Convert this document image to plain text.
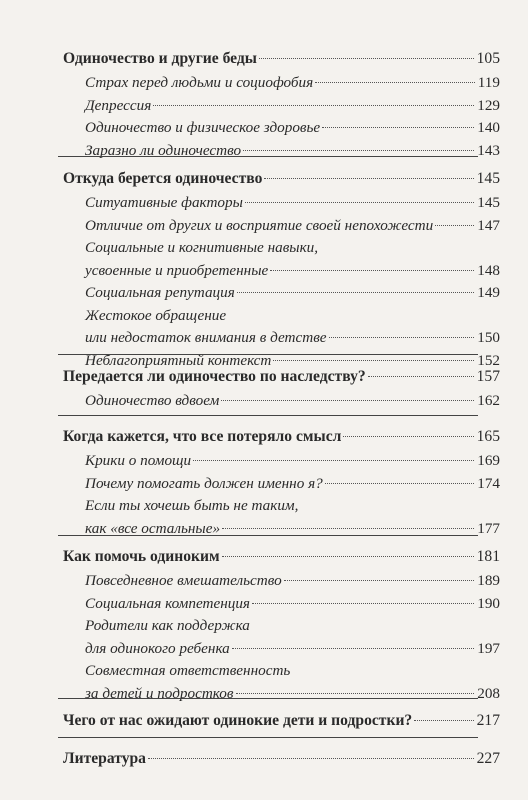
Одиночество и другие беды	105
Страх перед людьми и социофобия	119
Депрессия	129
Одиночество и физическое здоровье	140
Заразно ли одиночество	143
Откуда берется одиночество	145
Ситуативные факторы	145
Отличие от других и восприятие своей непохожести	147
Социальные и когнитивные навыки,
усвоенные и приобретенные	148
Социальная репутация	149
Жестокое обращение
или недостаток внимания в детстве	150
Неблагоприятный контекст	152
Передается ли одиночество по наследству?	157
Одиночество вдвоем	162
Когда кажется, что все потеряло смысл	165
Крики о помощи	169
Почему помогать должен именно я?	174
Если ты хочешь быть не таким,
как «все остальные»	177
Как помочь одиноким	181
Повседневное вмешательство	189
Социальная компетенция	190
Родители как поддержка
для одинокого ребенка	197
Совместная ответственность
за детей и подростков	208
Чего от нас ожидают одинокие дети и подростки?	217
Литература	227
